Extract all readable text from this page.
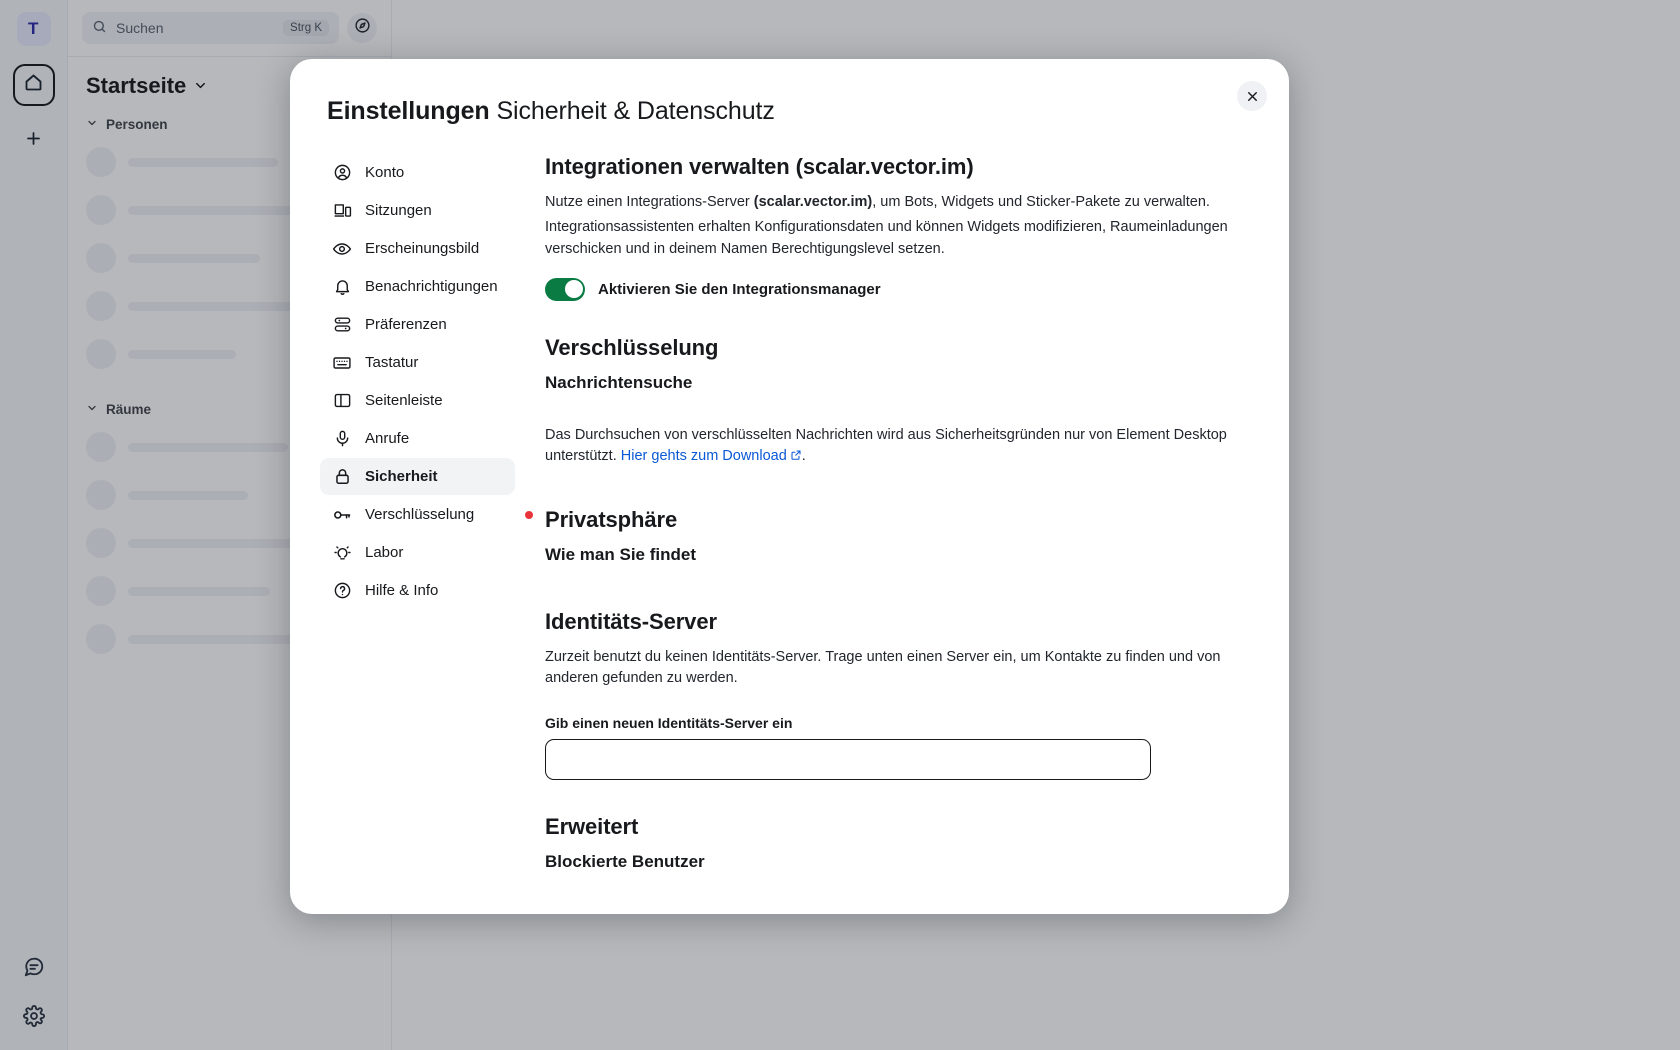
T	Suchen	Strg K
Startseite
Personen
Räume
Einstellungen Sicherheit & Datenschutz
Konto
Sitzungen
Erscheinungsbild
Benachrichtigungen
Präferenzen
Tastatur
Seitenleiste
Anrufe
Sicherheit
Verschlüsselung
Labor
Hilfe & Info
Integrationen verwalten (scalar.vector.im)

Nutze einen Integrations-Server (scalar.vector.im), um Bots, Widgets und Sticker-Pakete zu verwalten.

Integrationsassistenten erhalten Konfigurationsdaten und können Widgets modifizieren, Raumeinladungen verschicken und in deinem Namen Berechtigungslevel setzen.

Aktivieren Sie den Integrationsmanager
Verschlüsselung
Nachrichtensuche

Das Durchsuchen von verschlüsselten Nachrichten wird aus Sicherheitsgründen nur von Element Desktop unterstützt. Hier gehts zum Download .

Privatsphäre
Wie man Sie findet
Identitäts-Server

Zurzeit benutzt du keinen Identitäts-Server. Trage unten einen Server ein, um Kontakte zu finden und von anderen gefunden zu werden.

Gib einen neuen Identitäts-Server ein
Erweitert
Blockierte Benutzer
